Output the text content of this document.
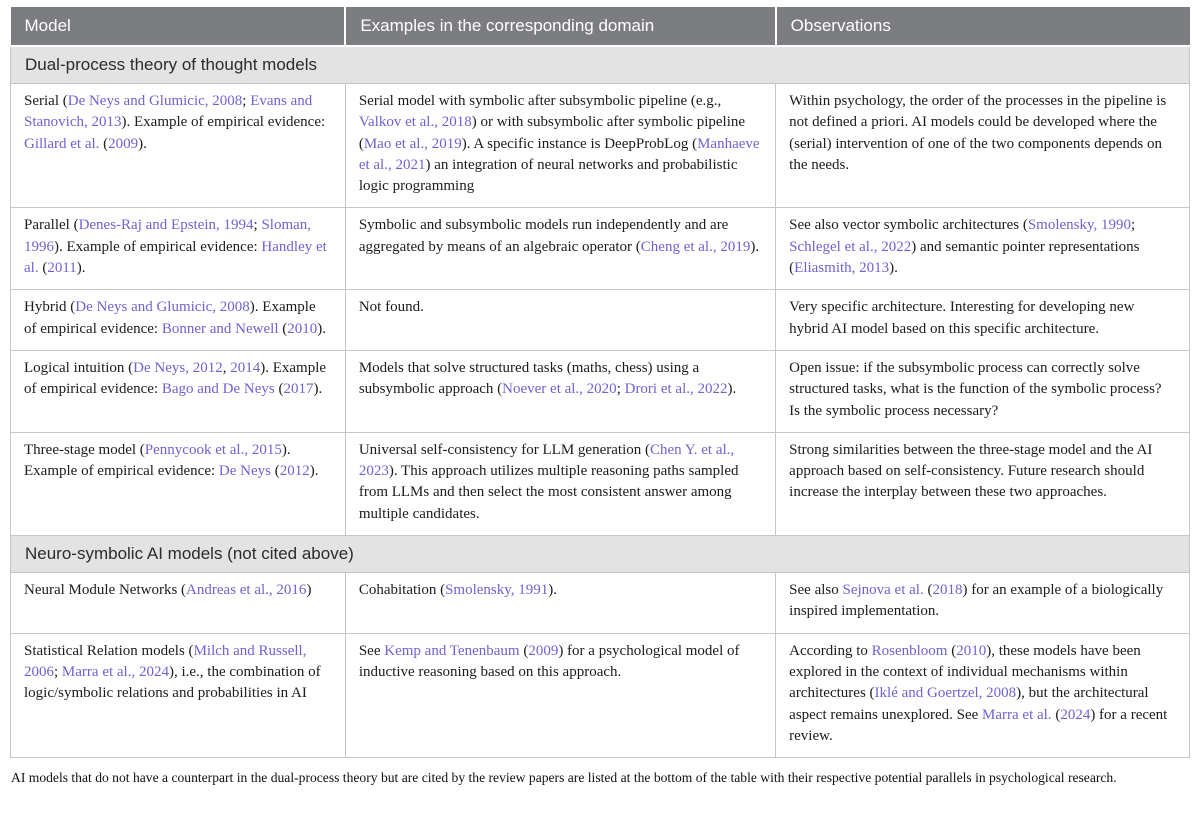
Model	Examples in the corresponding domain	Observations
Dual-process theory of thought models		
Serial (De Neys and Glumicic, 2008; Evans and Stanovich, 2013). Example of empirical evidence: Gillard et al. (2009).	Serial model with symbolic after subsymbolic pipeline (e.g., Valkov et al., 2018) or with subsymbolic after symbolic pipeline (Mao et al., 2019). A specific instance is DeepProbLog (Manhaeve et al., 2021) an integration of neural networks and probabilistic logic programming	Within psychology, the order of the processes in the pipeline is not defined a priori. AI models could be developed where the (serial) intervention of one of the two components depends on the needs.
Parallel (Denes-Raj and Epstein, 1994; Sloman, 1996). Example of empirical evidence: Handley et al. (2011).	Symbolic and subsymbolic models run independently and are aggregated by means of an algebraic operator (Cheng et al., 2019).	See also vector symbolic architectures (Smolensky, 1990; Schlegel et al., 2022) and semantic pointer representations (Eliasmith, 2013).
Hybrid (De Neys and Glumicic, 2008). Example of empirical evidence: Bonner and Newell (2010).	Not found.	Very specific architecture. Interesting for developing new hybrid AI model based on this specific architecture.
Logical intuition (De Neys, 2012, 2014). Example of empirical evidence: Bago and De Neys (2017).	Models that solve structured tasks (maths, chess) using a subsymbolic approach (Noever et al., 2020; Drori et al., 2022).	Open issue: if the subsymbolic process can correctly solve structured tasks, what is the function of the symbolic process? Is the symbolic process necessary?
Three-stage model (Pennycook et al., 2015). Example of empirical evidence: De Neys (2012).	Universal self-consistency for LLM generation (Chen Y. et al., 2023). This approach utilizes multiple reasoning paths sampled from LLMs and then select the most consistent answer among multiple candidates.	Strong similarities between the three-stage model and the AI approach based on self-consistency. Future research should increase the interplay between these two approaches.
Neuro-symbolic AI models (not cited above)		
Neural Module Networks (Andreas et al., 2016)	Cohabitation (Smolensky, 1991).	See also Sejnova et al. (2018) for an example of a biologically inspired implementation.
Statistical Relation models (Milch and Russell, 2006; Marra et al., 2024), i.e., the combination of logic/symbolic relations and probabilities in AI	See Kemp and Tenenbaum (2009) for a psychological model of inductive reasoning based on this approach.	According to Rosenbloom (2010), these models have been explored in the context of individual mechanisms within architectures (Iklé and Goertzel, 2008), but the architectural aspect remains unexplored. See Marra et al. (2024) for a recent review.

AI models that do not have a counterpart in the dual-process theory but are cited by the review papers are listed at the bottom of the table with their respective potential parallels in psychological research.
